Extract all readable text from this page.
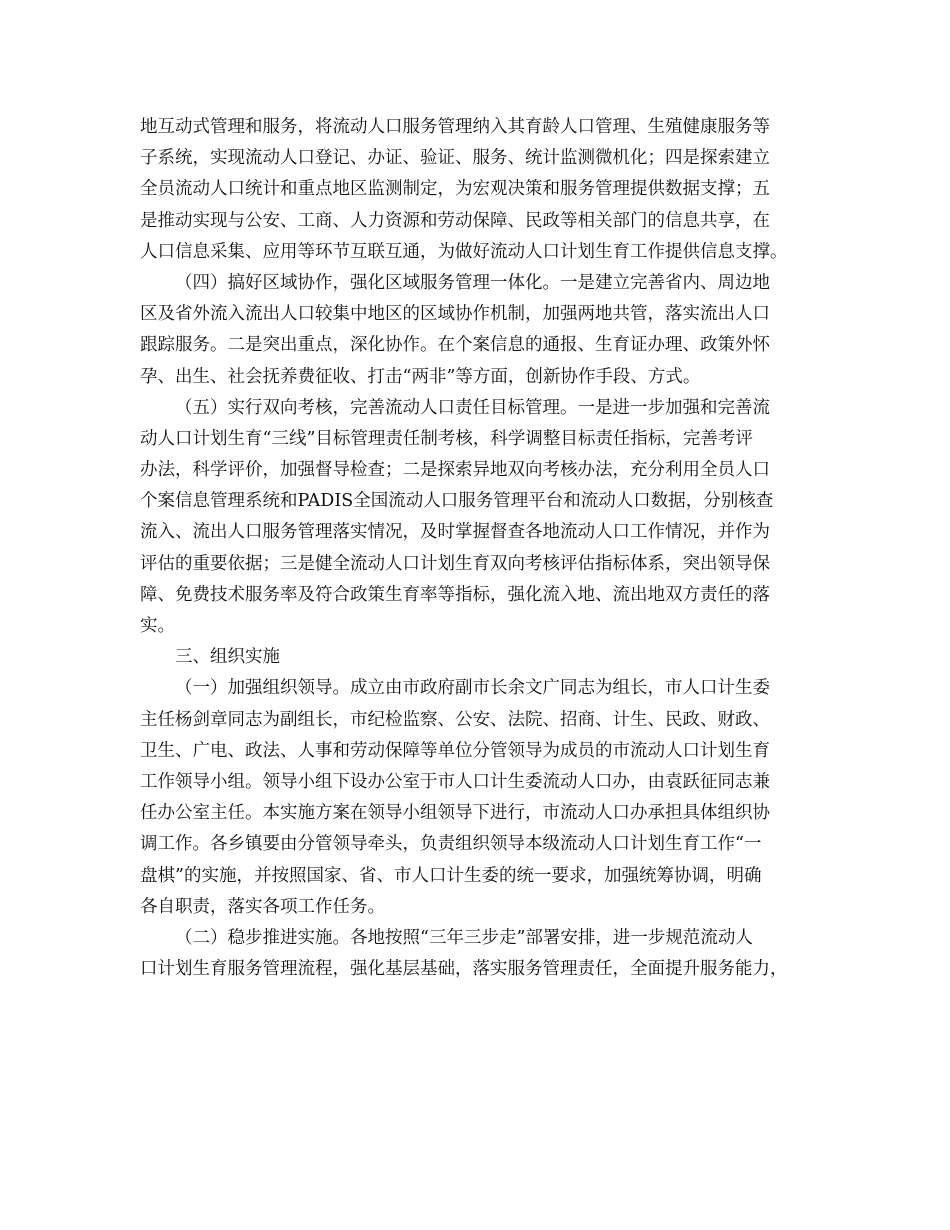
地互动式管理和服务，将流动人口服务管理纳入其育龄人口管理、生殖健康服务等
子系统，实现流动人口登记、办证、验证、服务、统计监测微机化；四是探索建立
全员流动人口统计和重点地区监测制定，为宏观决策和服务管理提供数据支撑；五
是推动实现与公安、工商、人力资源和劳动保障、民政等相关部门的信息共享，在
人口信息采集、应用等环节互联互通，为做好流动人口计划生育工作提供信息支撑。
（四）搞好区域协作，强化区域服务管理一体化。一是建立完善省内、周边地
区及省外流入流出人口较集中地区的区域协作机制，加强两地共管，落实流出人口
跟踪服务。二是突出重点，深化协作。在个案信息的通报、生育证办理、政策外怀
孕、出生、社会抚养费征收、打击“两非”等方面，创新协作手段、方式。
（五）实行双向考核，完善流动人口责任目标管理。一是进一步加强和完善流
动人口计划生育“三线”目标管理责任制考核，科学调整目标责任指标，完善考评
办法，科学评价，加强督导检查；二是探索异地双向考核办法，充分利用全员人口
个案信息管理系统和PADIS全国流动人口服务管理平台和流动人口数据，分别核查
流入、流出人口服务管理落实情况，及时掌握督查各地流动人口工作情况，并作为
评估的重要依据；三是健全流动人口计划生育双向考核评估指标体系，突出领导保
障、免费技术服务率及符合政策生育率等指标，强化流入地、流出地双方责任的落
实。
三、组织实施
（一）加强组织领导。成立由市政府副市长余文广同志为组长，市人口计生委
主任杨剑章同志为副组长，市纪检监察、公安、法院、招商、计生、民政、财政、
卫生、广电、政法、人事和劳动保障等单位分管领导为成员的市流动人口计划生育
工作领导小组。领导小组下设办公室于市人口计生委流动人口办，由袁跃征同志兼
任办公室主任。本实施方案在领导小组领导下进行，市流动人口办承担具体组织协
调工作。各乡镇要由分管领导牵头，负责组织领导本级流动人口计划生育工作“一
盘棋”的实施，并按照国家、省、市人口计生委的统一要求，加强统筹协调，明确
各自职责，落实各项工作任务。
（二）稳步推进实施。各地按照“三年三步走”部署安排，进一步规范流动人
口计划生育服务管理流程，强化基层基础，落实服务管理责任，全面提升服务能力，
